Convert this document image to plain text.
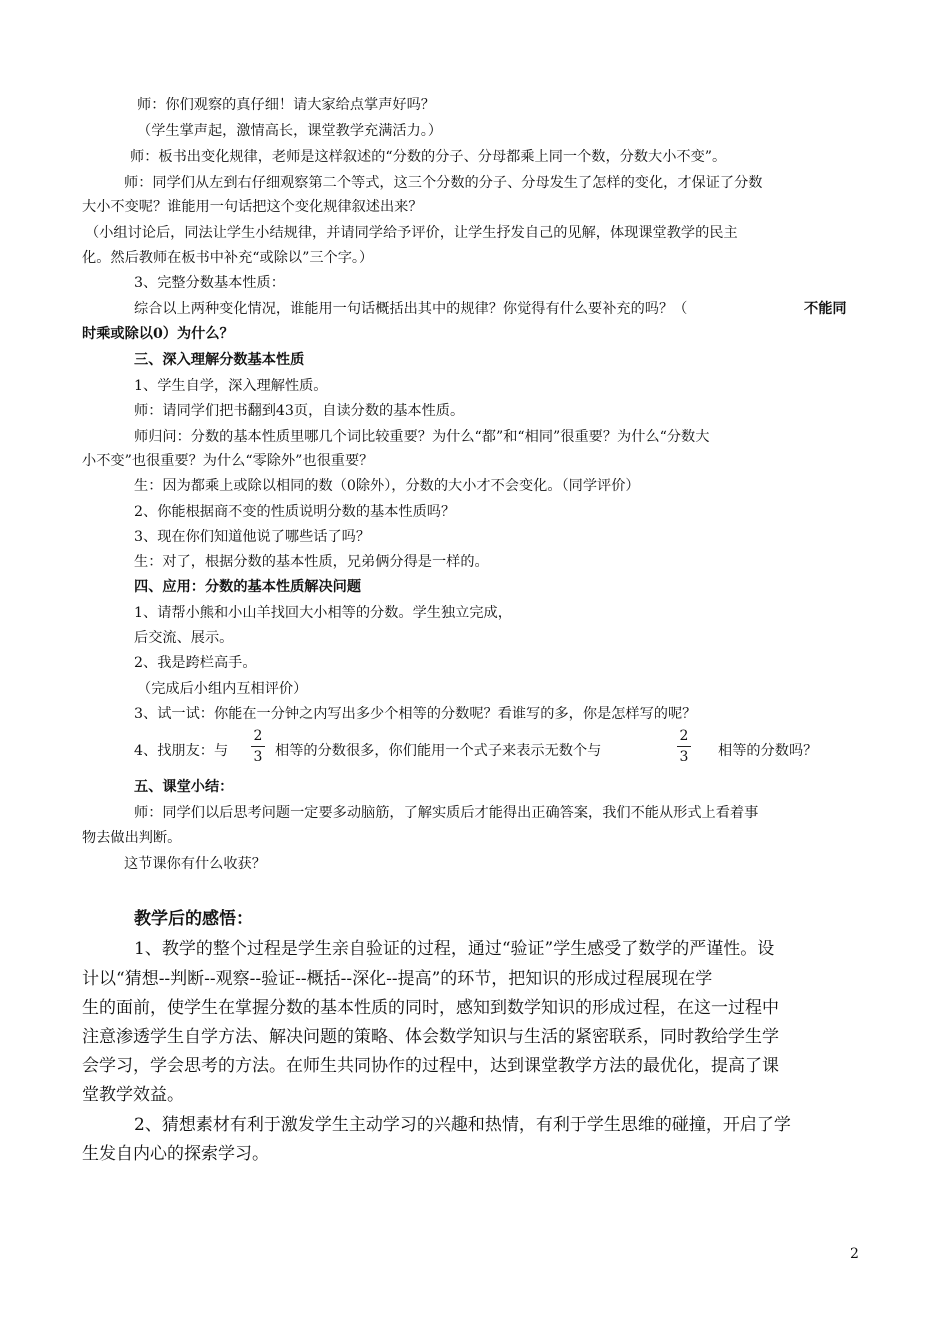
师：你们观察的真仔细！请大家给点掌声好吗？
（学生掌声起，激情高长，课堂教学充满活力。）
师：板书出变化规律，老师是这样叙述的“分数的分子、分母都乘上同一个数，分数大小不变”。
师：同学们从左到右仔细观察第二个等式，这三个分数的分子、分母发生了怎样的变化，才保证了分数
大小不变呢？谁能用一句话把这个变化规律叙述出来？
（小组讨论后，同法让学生小结规律，并请同学给予评价，让学生抒发自己的见解，体现课堂教学的民主
化。然后教师在板书中补充“或除以”三个字。）
3、完整分数基本性质：
综合以上两种变化情况，谁能用一句话概括出其中的规律？你觉得有什么要补充的吗？（	不能同
时乘或除以0）为什么？
三、深入理解分数基本性质
1、学生自学，深入理解性质。
师：请同学们把书翻到43页，自读分数的基本性质。
师归问：分数的基本性质里哪几个词比较重要？为什么“都”和“相同”很重要？为什么“分数大
小不变”也很重要？为什么“零除外”也很重要？
生：因为都乘上或除以相同的数（0除外），分数的大小才不会变化。（同学评价）
2、你能根据商不变的性质说明分数的基本性质吗？
3、现在你们知道他说了哪些话了吗？
生：对了，根据分数的基本性质，兄弟俩分得是一样的。
四、应用：分数的基本性质解决问题
1、请帮小熊和小山羊找回大小相等的分数。学生独立完成，
后交流、展示。
2、我是跨栏高手。
（完成后小组内互相评价）
3、试一试：你能在一分钟之内写出多少个相等的分数呢？看谁写的多，你是怎样写的呢？
4、找朋友：与
2
3 相等的分数很多，你们能用一个式子来表示无数个与
2
3 相等的分数吗？
五、课堂小结：
师：同学们以后思考问题一定要多动脑筋，了解实质后才能得出正确答案，我们不能从形式上看着事
物去做出判断。
这节课你有什么收获？
教学后的感悟：
1、教学的整个过程是学生亲自验证的过程，通过“验证”学生感受了数学的严谨性。设
计以“猜想--判断--观察--验证--概括--深化--提高”的环节，把知识的形成过程展现在学
生的面前，使学生在掌握分数的基本性质的同时，感知到数学知识的形成过程，在这一过程中
注意渗透学生自学方法、解决问题的策略、体会数学知识与生活的紧密联系，同时教给学生学
会学习，学会思考的方法。在师生共同协作的过程中，达到课堂教学方法的最优化，提高了课
堂教学效益。
2、猜想素材有利于激发学生主动学习的兴趣和热情，有利于学生思维的碰撞，开启了学
生发自内心的探索学习。
2
